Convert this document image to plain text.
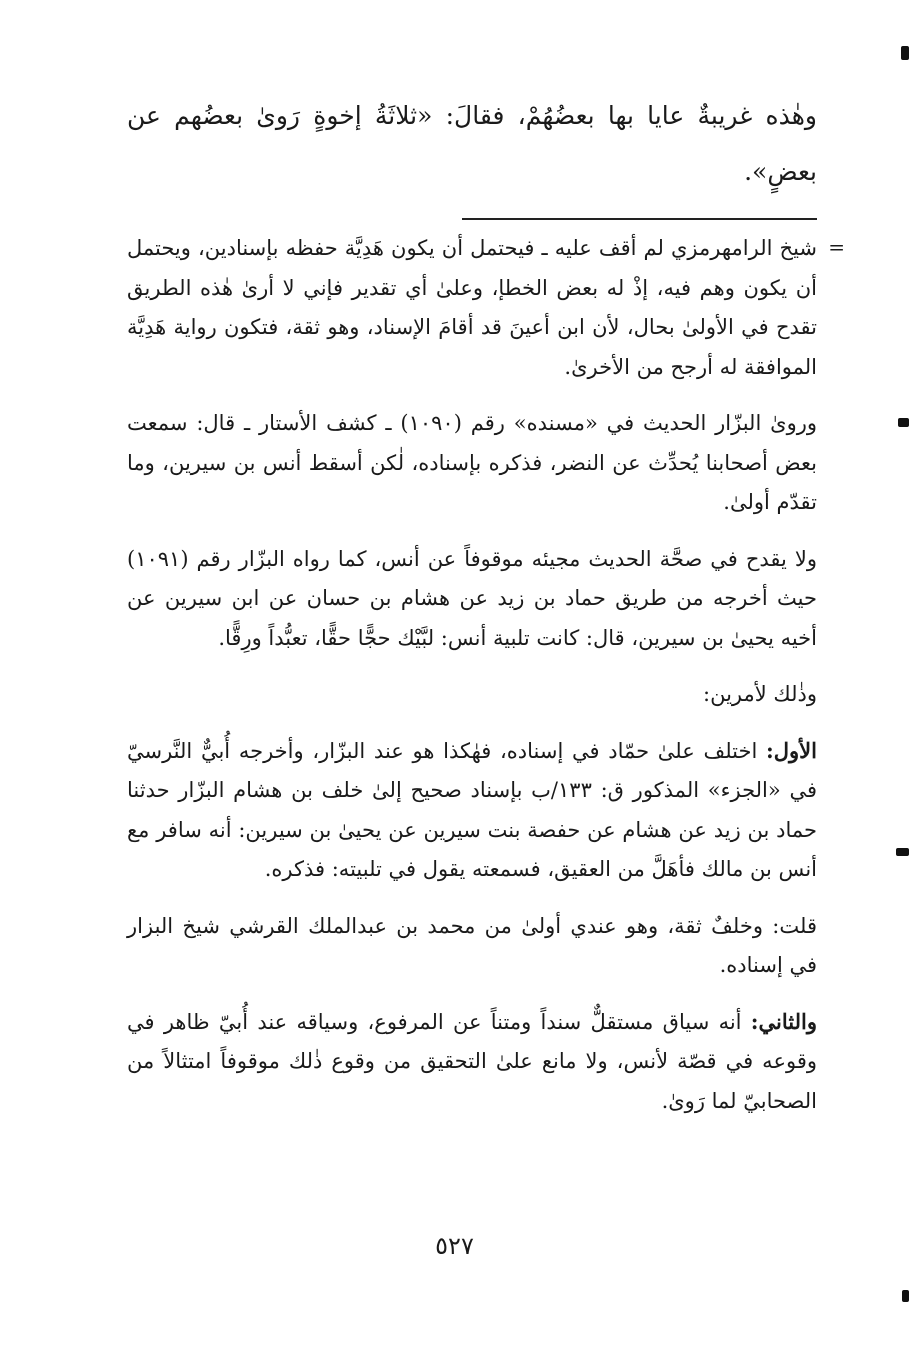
وهٰذه غريبةٌ عايا بها بعضُهُمْ، فقالَ: «ثلاثَةُ إخوةٍ رَوىٰ بعضُهم عن بعضٍ».

=

شيخ الرامهرمزي لم أقف عليه ـ فيحتمل أن يكون هَدِيَّة حفظه بإسنادين، ويحتمل أن يكون وهم فيه، إذْ له بعض الخطإ، وعلىٰ أي تقدير فإني لا أرىٰ هٰذه الطريق تقدح في الأولىٰ بحال، لأن ابن أعينَ قد أقامَ الإسناد، وهو ثقة، فتكون رواية هَدِيَّة الموافقة له أرجح من الأخرىٰ.

وروىٰ البزّار الحديث في «مسنده» رقم (١٠٩٠) ـ كشف الأستار ـ قال: سمعت بعض أصحابنا يُحدِّث عن النضر، فذكره بإسناده، لٰكن أسقط أنس بن سيرين، وما تقدّم أولىٰ.

ولا يقدح في صحَّة الحديث مجيئه موقوفاً عن أنس، كما رواه البزّار رقم (١٠٩١) حيث أخرجه من طريق حماد بن زيد عن هشام بن حسان عن ابن سيرين عن أخيه يحيىٰ بن سيرين، قال: كانت تلبية أنس: لبَّيْك حجًّا حقًّا، تعبُّداً ورِقًّا.

وذٰلك لأمرين:

الأول: اختلف علىٰ حمّاد في إسناده، فهٰكذا هو عند البزّار، وأخرجه أُبيٌّ النَّرسيّ في «الجزء» المذكور ق: ١٣٣/ب بإسناد صحيح إلىٰ خلف بن هشام البزّار حدثنا حماد بن زيد عن هشام عن حفصة بنت سيرين عن يحيىٰ بن سيرين: أنه سافر مع أنس بن مالك فأهَلَّ من العقيق، فسمعته يقول في تلبيته: فذكره.

قلت: وخلفٌ ثقة، وهو عندي أولىٰ من محمد بن عبدالملك القرشي شيخ البزار في إسناده.

والثاني: أنه سياق مستقلٌّ سنداً ومتناً عن المرفوع، وسياقه عند أُبيّ ظاهر في وقوعه في قصّة لأنس، ولا مانع علىٰ التحقيق من وقوع ذٰلك موقوفاً امتثالاً من الصحابيّ لما رَوىٰ.

٥٢٧
